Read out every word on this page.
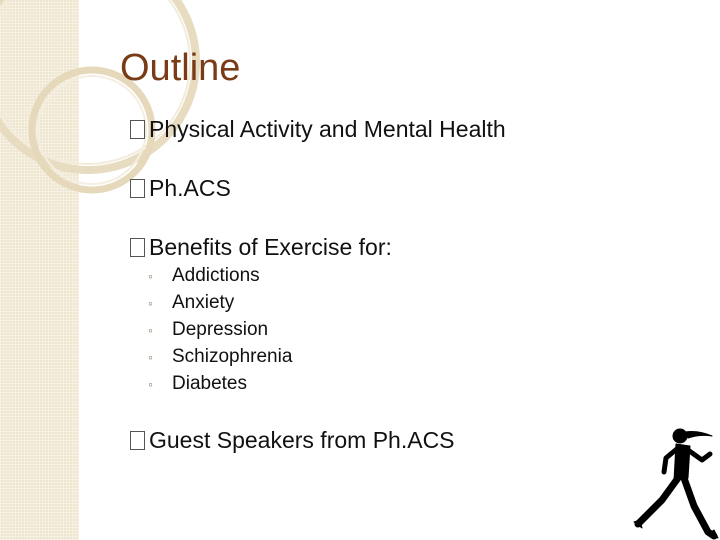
Outline
Physical Activity and Mental Health
Ph.ACS
Benefits of Exercise for:
◦	Addictions
◦	Anxiety
◦	Depression
◦	Schizophrenia
◦	Diabetes
Guest Speakers from Ph.ACS
